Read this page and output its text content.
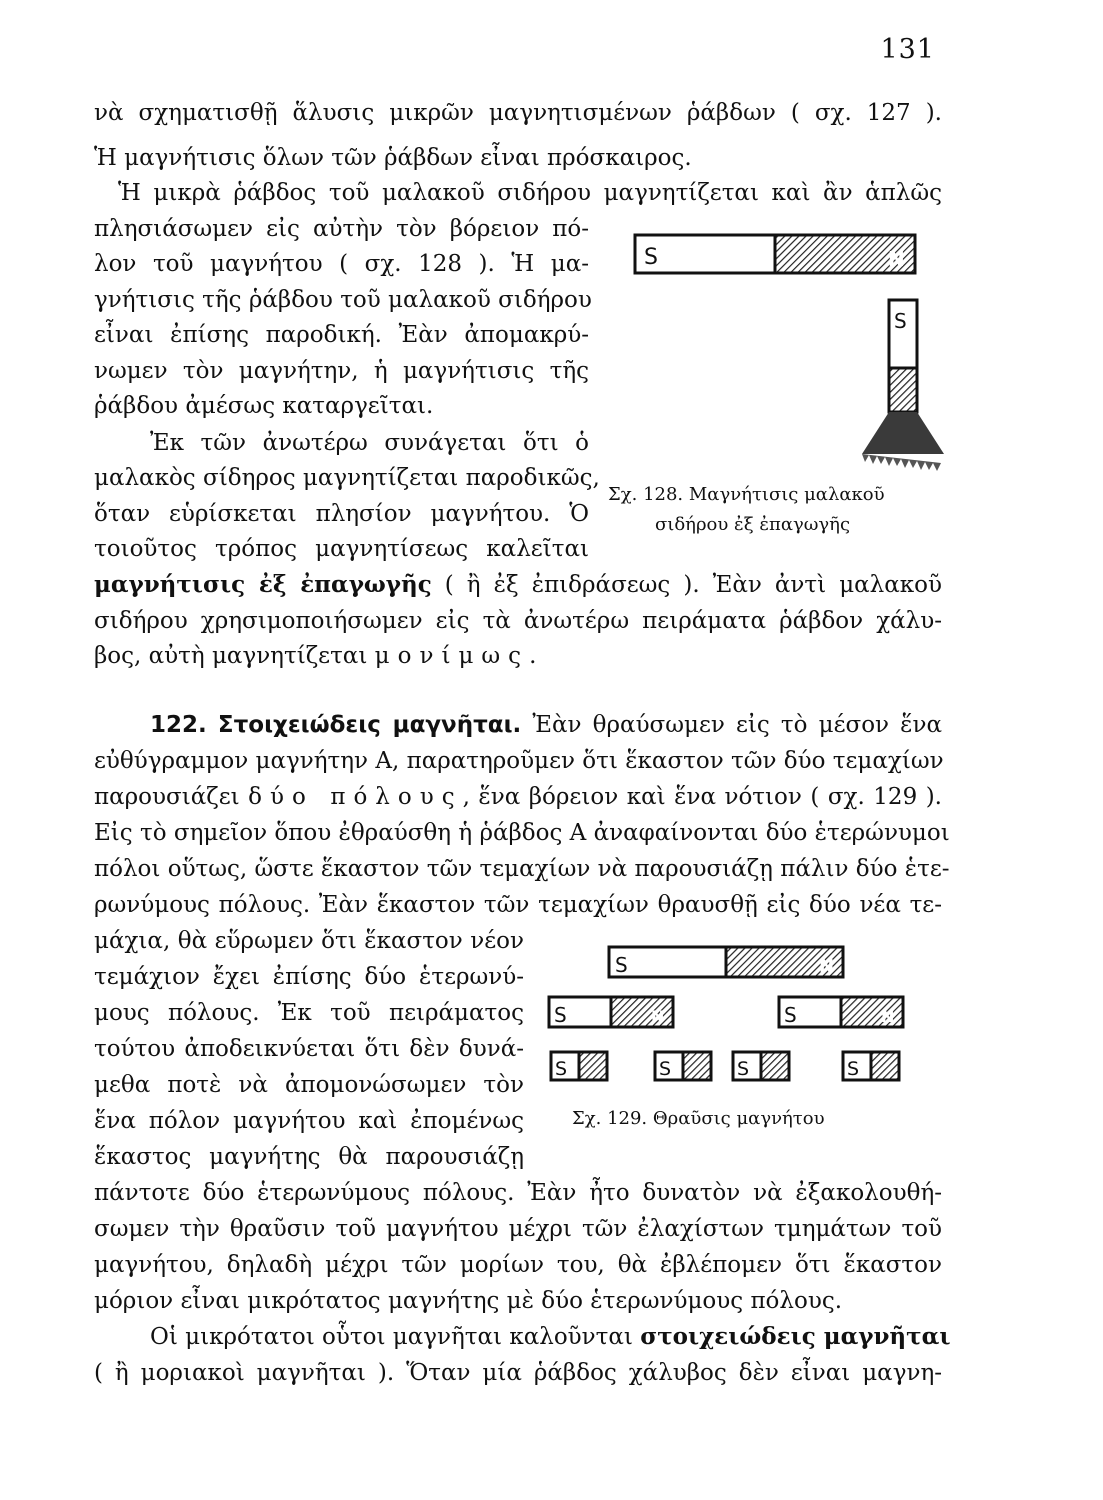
131
νὰ σχηματισθῇ ἅλυσις μικρῶν μαγνητισμένων ῥάβδων ( σχ. 127 ).
Ἡ μαγνήτισις ὅλων τῶν ῥάβδων εἶναι πρόσκαιρος.
Ἡ μικρὰ ῥάβδος τοῦ μαλακοῦ σιδήρου μαγνητίζεται καὶ ἂν ἁπλῶς
πλησιάσωμεν εἰς αὐτὴν τὸν βόρειον πό-
λον τοῦ μαγνήτου ( σχ. 128 ). Ἡ μα-
γνήτισις τῆς ῥάβδου τοῦ μαλακοῦ σιδήρου
εἶναι ἐπίσης παροδική. Ἐὰν ἀπομακρύ-
νωμεν τὸν μαγνήτην, ἡ μαγνήτισις τῆς
ῥάβδου ἀμέσως καταργεῖται.
Ἐκ τῶν ἀνωτέρω συνάγεται ὅτι ὁ
μαλακὸς σίδηρος μαγνητίζεται παροδικῶς,
ὅταν εὑρίσκεται πλησίον μαγνήτου. Ὁ
τοιοῦτος τρόπος μαγνητίσεως καλεῖται
μαγνήτισις ἐξ ἐπαγωγῆς ( ἢ ἐξ ἐπιδράσεως ). Ἐὰν ἀντὶ μαλακοῦ
σιδήρου χρησιμοποιήσωμεν εἰς τὰ ἀνωτέρω πειράματα ῥάβδον χάλυ-
βος, αὐτὴ μαγνητίζεται μονίμως.
S	N
S
Σχ. 128. Μαγνήτισις μαλακοῦ
σιδήρου ἐξ ἐπαγωγῆς
122. Στοιχειώδεις μαγνῆται. Ἐὰν θραύσωμεν εἰς τὸ μέσον ἕνα
εὐθύγραμμον μαγνήτην Α, παρατηροῦμεν ὅτι ἕκαστον τῶν δύο τεμαχίων
παρουσιάζει δύο πόλους, ἕνα βόρειον καὶ ἕνα νότιον ( σχ. 129 ).
Εἰς τὸ σημεῖον ὅπου ἐθραύσθη ἡ ῥάβδος Α ἀναφαίνονται δύο ἑτερώνυμοι
πόλοι οὕτως, ὥστε ἕκαστον τῶν τεμαχίων νὰ παρουσιάζῃ πάλιν δύο ἑτε-
ρωνύμους πόλους. Ἐὰν ἕκαστον τῶν τεμαχίων θραυσθῇ εἰς δύο νέα τε-
μάχια, θὰ εὕρωμεν ὅτι ἕκαστον νέον
τεμάχιον ἔχει ἐπίσης δύο ἑτερωνύ-
μους πόλους. Ἐκ τοῦ πειράματος
τούτου ἀποδεικνύεται ὅτι δὲν δυνά-
μεθα ποτὲ νὰ ἀπομονώσωμεν τὸν
ἕνα πόλον μαγνήτου καὶ ἐπομένως
ἕκαστος μαγνήτης θὰ παρουσιάζῃ
πάντοτε δύο ἑτερωνύμους πόλους. Ἐὰν ἦτο δυνατὸν νὰ ἐξακολουθή-
σωμεν τὴν θραῦσιν τοῦ μαγνήτου μέχρι τῶν ἐλαχίστων τμημάτων τοῦ
μαγνήτου, δηλαδὴ μέχρι τῶν μορίων του, θὰ ἐβλέπομεν ὅτι ἕκαστον
μόριον εἶναι μικρότατος μαγνήτης μὲ δύο ἑτερωνύμους πόλους.
S	N
S	N	S	N
S	S	S	S
Σχ. 129. Θραῦσις μαγνήτου
Οἱ μικρότατοι οὗτοι μαγνῆται καλοῦνται στοιχειώδεις μαγνῆται
( ἢ μοριακοὶ μαγνῆται ). Ὅταν μία ῥάβδος χάλυβος δὲν εἶναι μαγνη-
